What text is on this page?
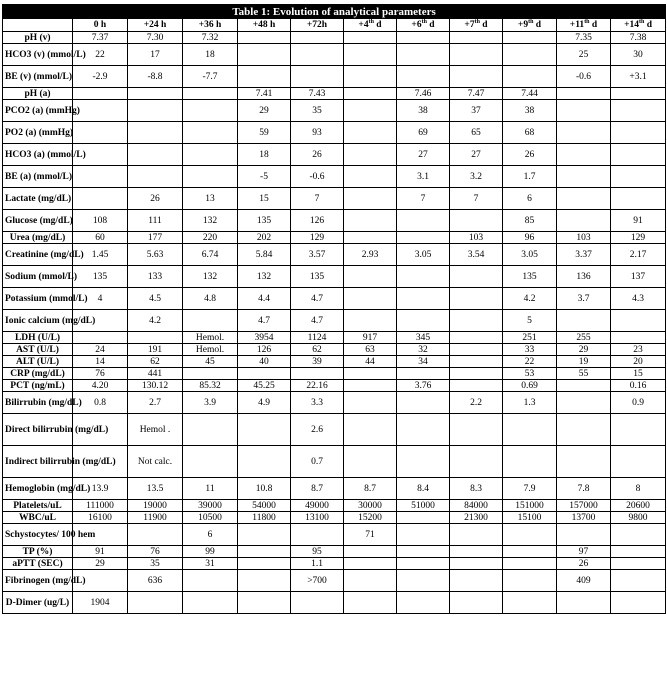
Table 1: Evolution of analytical parameters											
	0 h	+24 h	+36 h	+48 h	+72h	+4th d	+6th d	+7th d	+9th d	+11th d	+14th d
pH (v)	7.37	7.30	7.32							7.35	7.38
HCO3 (v) (mmol/L)	22	17	18							25	30
BE (v) (mmol/L)	-2.9	-8.8	-7.7							-0.6	+3.1
pH (a)				7.41	7.43		7.46	7.47	7.44		
PCO2 (a) (mmHg)				29	35		38	37	38		
PO2 (a) (mmHg)				59	93		69	65	68		
HCO3 (a) (mmol/L)				18	26		27	27	26		
BE (a) (mmol/L)				-5	-0.6		3.1	3.2	1.7		
Lactate (mg/dL)		26	13	15	7		7	7	6		
Glucose (mg/dL)	108	111	132	135	126				85		91
Urea (mg/dL)	60	177	220	202	129			103	96	103	129
Creatinine (mg/dL)	1.45	5.63	6.74	5.84	3.57	2.93	3.05	3.54	3.05	3.37	2.17
Sodium (mmol/L)	135	133	132	132	135				135	136	137
Potassium (mmol/L)	4	4.5	4.8	4.4	4.7				4.2	3.7	4.3
Ionic calcium (mg/dL)		4.2		4.7	4.7				5		
LDH (U/L)			Hemol.	3954	1124	917	345		251	255	
AST (U/L)	24	191	Hemol.	126	62	63	32		33	29	23
ALT (U/L)	14	62	45	40	39	44	34		22	19	20
CRP (mg/dL)	76	441							53	55	15
PCT (ng/mL)	4.20	130.12	85.32	45.25	22.16		3.76		0.69		0.16
Bilirrubin (mg/dL)	0.8	2.7	3.9	4.9	3.3			2.2	1.3		0.9
Direct bilirrubin (mg/dL)		Hemol .			2.6						
Indirect bilirrubin (mg/dL)		Not calc.			0.7						
Hemoglobin (mg/dL)	13.9	13.5	11	10.8	8.7	8.7	8.4	8.3	7.9	7.8	8
Platelets/uL	111000	19000	39000	54000	49000	30000	51000	84000	151000	157000	20600
WBC/uL	16100	11900	10500	11800	13100	15200		21300	15100	13700	9800
Schystocytes/ 100 hem			6			71					
TP (%)	91	76	99		95					97	
aPTT (SEC)	29	35	31		1.1					26	
Fibrinogen (mg/dL)		636			>700					409	
D-Dimer (ug/L)	1904										
